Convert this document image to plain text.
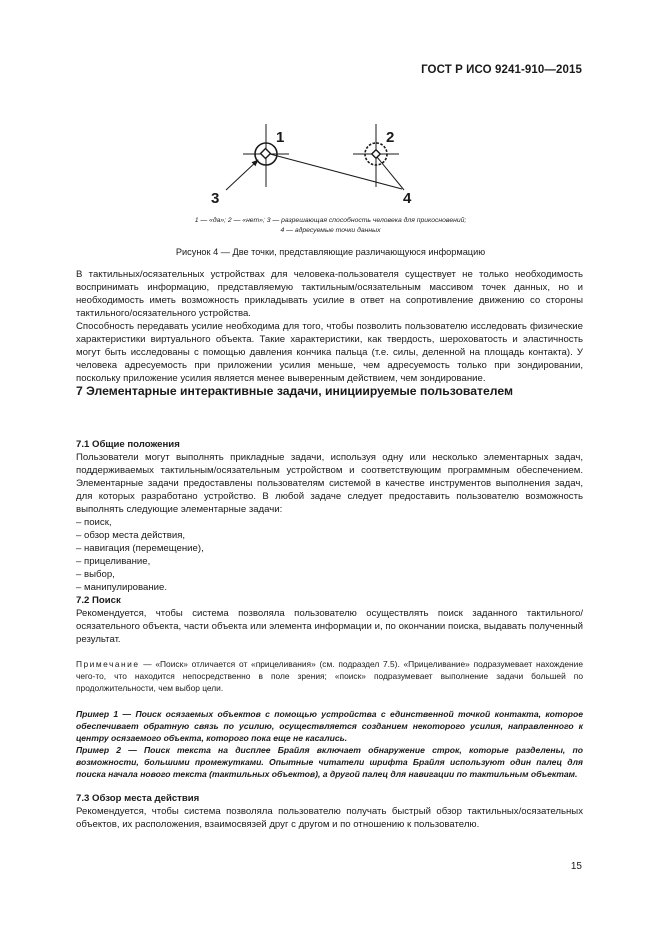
ГОСТ Р ИСО 9241-910—2015
1	2
3	4
1 — «да»; 2 — «нет»; 3 — разрешающая способность человека для прикосновений;
4 — адресуемые точки данных
Рисунок 4 — Две точки, представляющие различающуюся информацию

В тактильных/осязательных устройствах для человека-пользователя существует не только необходимость воспринимать информацию, представляемую тактильным/осязательным массивом точек данных, но и необходимость иметь возможность прикладывать усилие в ответ на сопротивление движению со стороны тактильного/осязательного устройства.

Способность передавать усилие необходима для того, чтобы позволить пользователю исследовать физические характеристики виртуального объекта. Такие характеристики, как твердость, шероховатость и эластичность могут быть исследованы с помощью давления кончика пальца (т.е. силы, деленной на площадь контакта). У человека адресуемость при приложении усилия меньше, чем адресуемость только при зондировании, поскольку приложение усилия является менее выверенным действием, чем зондирование.

7 Элементарные интерактивные задачи, инициируемые пользователем
7.1 Общие положения

Пользователи могут выполнять прикладные задачи, используя одну или несколько элементарных задач, поддерживаемых тактильным/осязательным устройством и соответствующим программным обеспечением. Элементарные задачи предоставлены пользователям системой в качестве инструментов выполнения задач, для которых разработано устройство. В любой задаче следует предоставить пользователю возможность выполнять следующие элементарные задачи:

– поиск,
– обзор места действия,
– навигация (перемещение),
– прицеливание,
– выбор,
– манипулирование.
7.2 Поиск

Рекомендуется, чтобы система позволяла пользователю осуществлять поиск заданного тактильного/осязательного объекта, части объекта или элемента информации и, по окончании поиска, выдавать полученный результат.

Примечание — «Поиск» отличается от «прицеливания» (см. подраздел 7.5). «Прицеливание» подразумевает нахождение чего-то, что находится непосредственно в поле зрения; «поиск» подразумевает выполнение задачи большей по продолжительности, чем выбор цели.

Пример 1 — Поиск осязаемых объектов с помощью устройства с единственной точкой контакта, которое обеспечивает обратную связь по усилию, осуществляется созданием некоторого усилия, направленного к центру осязаемого объекта, которого пока еще не касались.

Пример 2 — Поиск текста на дисплее Брайля включает обнаружение строк, которые разделены, по возможности, большими промежутками. Опытные читатели шрифта Брайля используют один палец для поиска начала нового текста (тактильных объектов), а другой палец для навигации по тактильным объектам.

7.3 Обзор места действия

Рекомендуется, чтобы система позволяла пользователю получать быстрый обзор тактильных/осязательных объектов, их расположения, взаимосвязей друг с другом и по отношению к пользователю.

15
